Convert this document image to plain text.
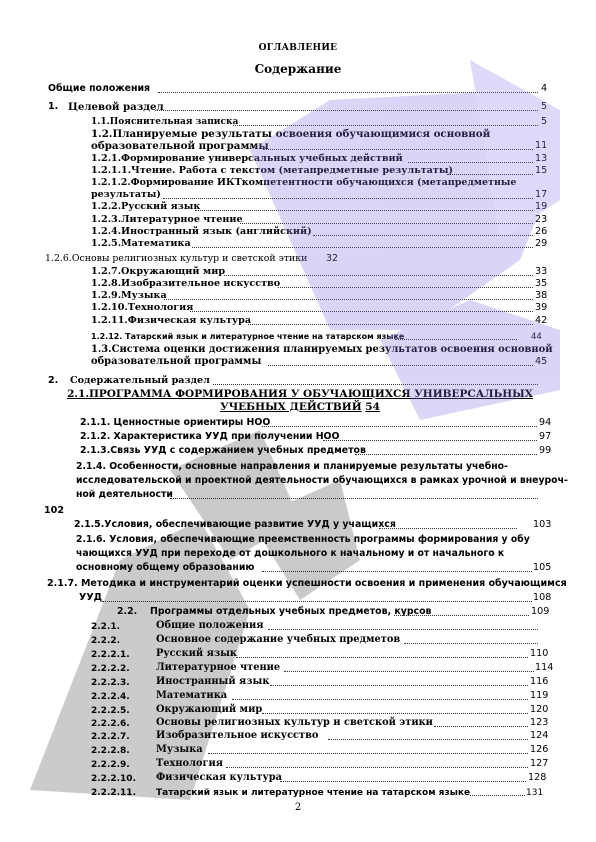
ОГЛАВЛЕНИЕ
Содержание
Общие положения	4
1. Целевой раздел	5
1.1.Пояснительная записка	5
1.2.Планируемые результаты освоения обучающимися основной
образовательной программы	11
1.2.1.Формирование универсальных учебных действий	13
1.2.1.1.Чтение. Работа с текстом (метапредметные результаты)	15
1.2.1.2.Формирование ИКТкомпетентности обучающихся (метапредметные
результаты)	17
1.2.2.Русский язык	19
1.2.3.Литературное чтение	23
1.2.4.Иностранный язык (английский)	26
1.2.5.Математика	29
1.2.6.Основы религиозных культур и светской этики 32
1.2.7.Окружающий мир	33
1.2.8.Изобразительное искусство	35
1.2.9.Музыка	38
1.2.10.Технология	39
1.2.11.Физическая культура	42
1.2.12. Татарский язык и литературное чтение на татарском языке	44
1.3.Система оценки достижения планируемых результатов освоения основной
образовательной программы	45
2. Содержательный раздел
2.1.ПРОГРАММА ФОРМИРОВАНИЯ У ОБУЧАЮЩИХСЯ УНИВЕРСАЛЬНЫХ
УЧЕБНЫХ ДЕЙСТВИЙ 54
2.1.1. Ценностные ориентиры НОО	94
2.1.2. Характеристика УУД при получении НОО	97
2.1.3.Связь УУД с содержанием учебных предметов	99
2.1.4. Особенности, основные направления и планируемые результаты учебно-
исследовательской и проектной деятельности обучающихся в рамках урочной и внеуроч-
ной деятельности
102
2.1.5.Условия, обеспечивающие развитие УУД у учащихся	103
2.1.6. Условия, обеспечивающие преемственность программы формирования у обу
чающихся УУД при переходе от дошкольного к начальному и от начального к
основному общему образованию	105
2.1.7. Методика и инструментарий оценки успешности освоения и применения обучающимся
УУД	108
2.2. Программы отдельных учебных предметов, курсов	109
2.2.1.	Общие положения
2.2.2.	Основное содержание учебных предметов
2.2.2.1.	Русский язык	110
2.2.2.2.	Литературное чтение	114
2.2.2.3.	Иностранный язык	116
2.2.2.4.	Математика	119
2.2.2.5.	Окружающий мир	120
2.2.2.6.	Основы религиозных культур и светской этики	123
2.2.2.7.	Изобразительное искусство	124
2.2.2.8.	Музыка	126
2.2.2.9.	Технология	127
2.2.2.10. Физическая культура	128
2.2.2.11. Татарский язык и литературное чтение на татарском языке	131
2
